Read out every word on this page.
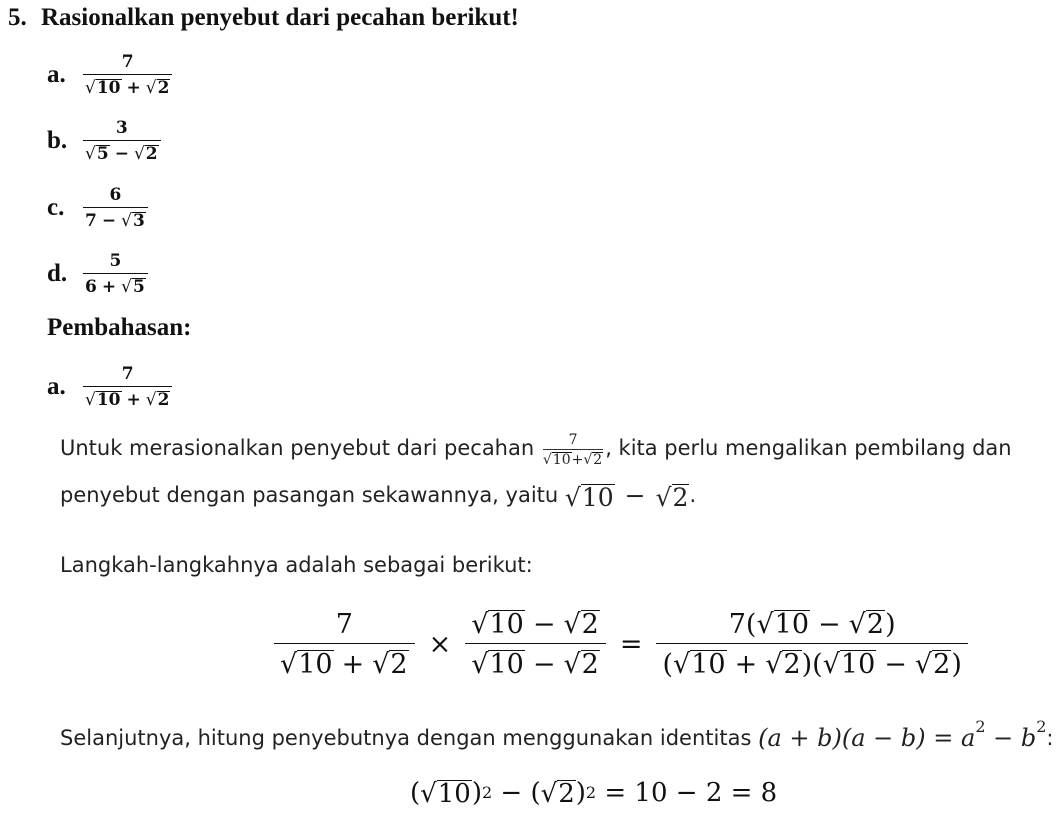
5. Rasionalkan penyebut dari pecahan berikut!
a.	$\frac{7}{√ 10 + √ 2}$
b. $\frac{3}{√ 5 - √ 2}$
c.	$\frac{6}{7 - √ 3}$
d. $\frac{5}{6 + √ 5}$
Pembahasan:
a.	$\frac{7}{√ 10 + √ 2}$
Untuk merasionalkan penyebut dari pecahan $\frac{7}{√ 10 + √ 2}$ , kita perlu mengalikan pembilang dan
penyebut dengan pasangan sekawannya, yaitu √ 10 − √ 2 .
Langkah-langkahnya adalah sebagai berikut:
$\frac{7}{√ 10 + √ 2} \times \frac{√ 10 - √ 2}{√ 10 - √ 2} = \frac{7 ( √ 10 - √ 2 )}{( √ 10 + √ 2 )( √ 10 - √ 2 )}$
Selanjutnya, hitung penyebutnya dengan menggunakan identitas $(a + b)(a - b) = a^2 - b^2$ :
( √ 10 ) 2 − ( √ 2 ) 2 = 10 − 2 = 8
